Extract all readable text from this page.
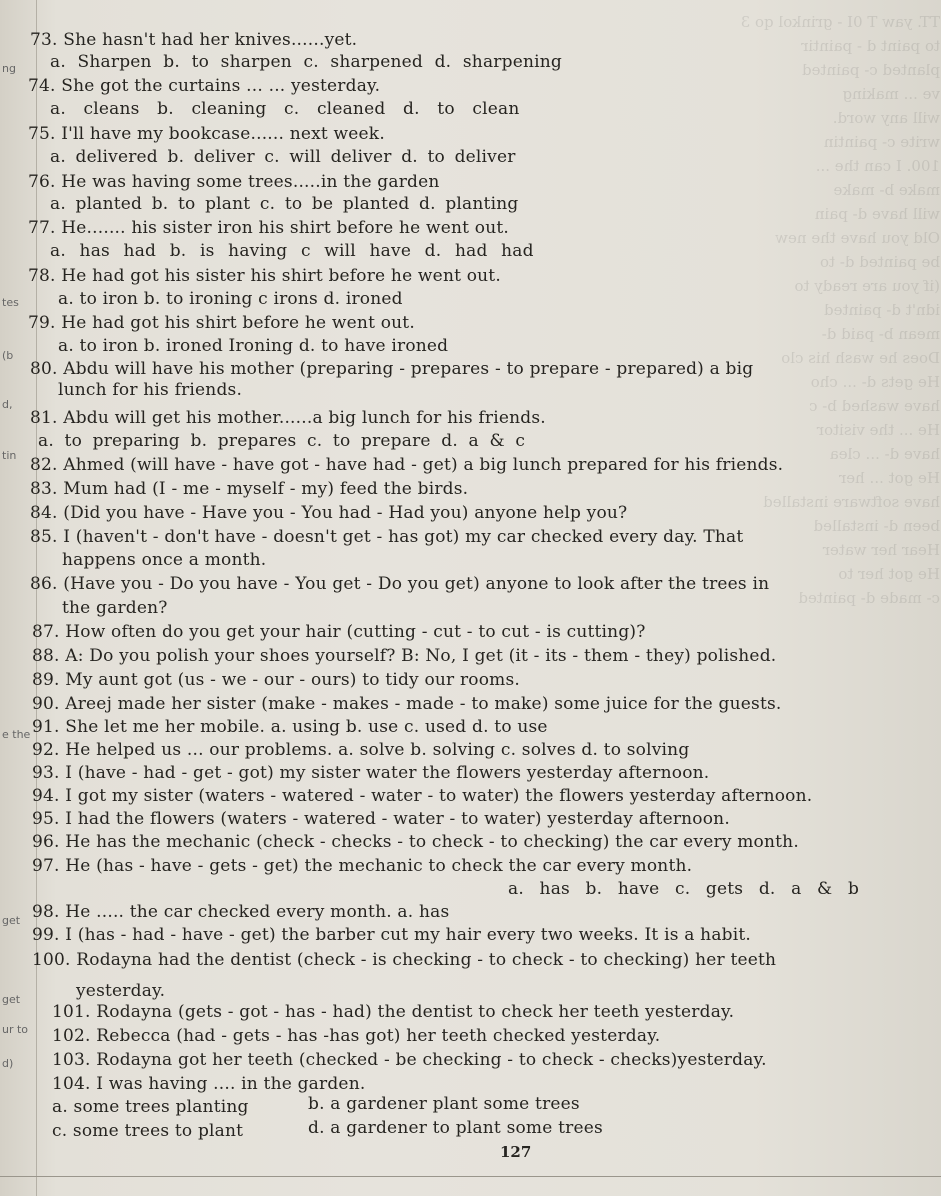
TT. yaw T 0I - grinkol qo 3
to paint d - paintir
planted c- painted
ve ... making
will any word.
write c- paintin
100. I can the ...
make b- make
will have d- pain
Old you have the new
be painted d- to
(if you are ready to
idn't d- painted
mean b- paid d-
Does he wash his clo
He gets d- ... cho
have washed b- c
He ... the visitor
have d- ... clea
He got ... her
have software installed
been d- installed
Hear her water
He got her to
c- made d- painted
ng
tes
(b
d,
tin
e the
get
get
ur to
d)
73. She hasn't had her knives......yet.
a. Sharpen b. to sharpen c. sharpened d. sharpening
74. She got the curtains ... ... yesterday.
a. cleans b. cleaning c. cleaned d. to clean
75. I'll have my bookcase...... next week.
a. delivered b. deliver c. will deliver d. to deliver
76. He was having some trees.....in the garden
a. planted b. to plant c. to be planted d. planting
77. He....... his sister iron his shirt before he went out.
a. has had b. is having c will have d. had had
78. He had got his sister his shirt before he went out.
a. to iron b. to ironing c irons d. ironed
79. He had got his shirt before he went out.
a. to iron b. ironed Ironing d. to have ironed
80. Abdu will have his mother (preparing - prepares - to prepare - prepared) a big
lunch for his friends.
81. Abdu will get his mother......a big lunch for his friends.
a. to preparing b. prepares c. to prepare d. a & c
82. Ahmed (will have - have got - have had - get) a big lunch prepared for his friends.
83. Mum had (I - me - myself - my) feed the birds.
84. (Did you have - Have you - You had - Had you) anyone help you?
85. I (haven't - don't have - doesn't get - has got) my car checked every day. That
happens once a month.
86. (Have you - Do you have - You get - Do you get) anyone to look after the trees in
the garden?
87. How often do you get your hair (cutting - cut - to cut - is cutting)?
88. A: Do you polish your shoes yourself? B: No, I get (it - its - them - they) polished.
89. My aunt got (us - we - our - ours) to tidy our rooms.
90. Areej made her sister (make - makes - made - to make) some juice for the guests.
91. She let me her mobile. a. using b. use c. used d. to use
92. He helped us ... our problems. a. solve b. solving c. solves d. to solving
93. I (have - had - get - got) my sister water the flowers yesterday afternoon.
94. I got my sister (waters - watered - water - to water) the flowers yesterday afternoon.
95. I had the flowers (waters - watered - water - to water) yesterday afternoon.
96. He has the mechanic (check - checks - to check - to checking) the car every month.
97. He (has - have - gets - get) the mechanic to check the car every month.
a. has b. have c. gets d. a & b
98. He ..... the car checked every month. a. has
99. I (has - had - have - get) the barber cut my hair every two weeks. It is a habit.
100. Rodayna had the dentist (check - is checking - to check - to checking) her teeth
yesterday.
101. Rodayna (gets - got - has - had) the dentist to check her teeth yesterday.
102. Rebecca (had - gets - has -has got) her teeth checked yesterday.
103. Rodayna got her teeth (checked - be checking - to check - checks)yesterday.
104. I was having .... in the garden.
a. some trees planting	b. a gardener plant some trees
c. some trees to plant	d. a gardener to plant some trees
127
